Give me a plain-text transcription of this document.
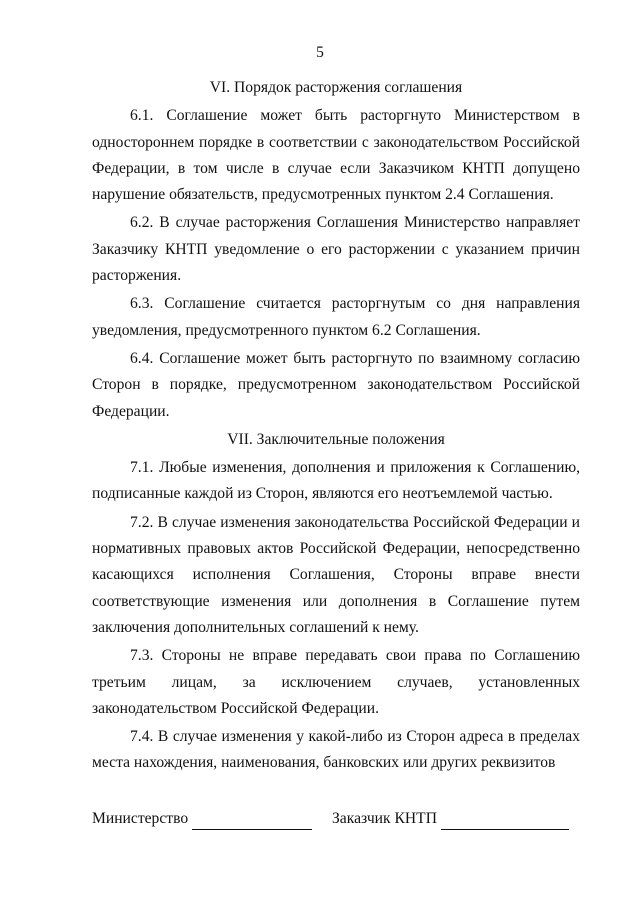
5
VI. Порядок расторжения соглашения

6.1. Соглашение может быть расторгнуто Министерством в одностороннем порядке в соответствии с законодательством Российской Федерации, в том числе в случае если Заказчиком КНТП допущено нарушение обязательств, предусмотренных пунктом 2.4 Соглашения.

6.2. В случае расторжения Соглашения Министерство направляет Заказчику КНТП уведомление о его расторжении с указанием причин расторжения.

6.3. Соглашение считается расторгнутым со дня направления уведомления, предусмотренного пунктом 6.2 Соглашения.

6.4. Соглашение может быть расторгнуто по взаимному согласию Сторон в порядке, предусмотренном законодательством Российской Федерации.

VII. Заключительные положения

7.1. Любые изменения, дополнения и приложения к Соглашению, подписанные каждой из Сторон, являются его неотъемлемой частью.

7.2. В случае изменения законодательства Российской Федерации и нормативных правовых актов Российской Федерации, непосредственно касающихся исполнения Соглашения, Стороны вправе внести соответствующие изменения или дополнения в Соглашение путем заключения дополнительных соглашений к нему.

7.3. Стороны не вправе передавать свои права по Соглашению третьим лицам, за исключением случаев, установленных законодательством Российской Федерации.

7.4. В случае изменения у какой-либо из Сторон адреса в пределах места нахождения, наименования, банковских или других реквизитов

Министерство	Заказчик КНТП
